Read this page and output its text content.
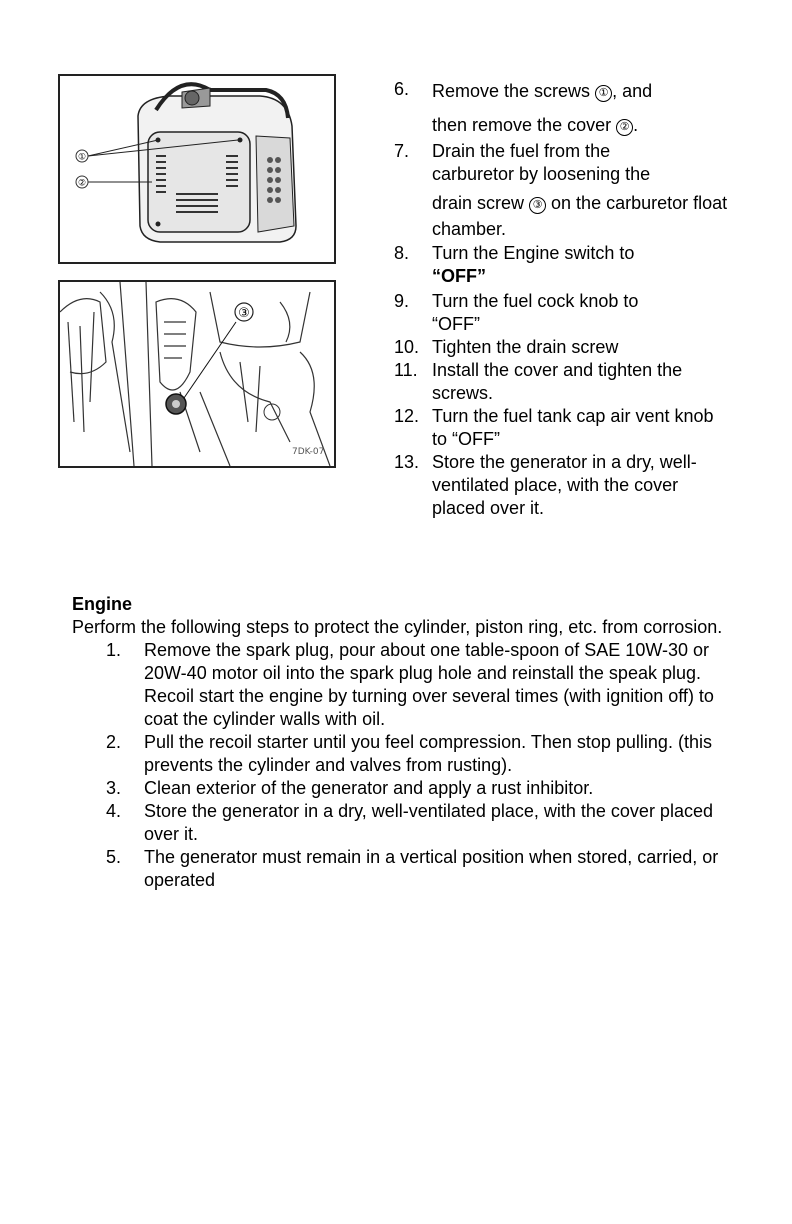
①
②
③
7DK-07
6. Remove the screws ① , and
then remove the cover ② .
7. Drain the fuel from the carburetor by loosening the
drain screw ③ on the carburetor float chamber.
8. Turn the Engine switch to
“OFF”
9. Turn the fuel cock knob to “OFF”
10. Tighten the drain screw
11. Install the cover and tighten the screws.
12. Turn the fuel tank cap air vent knob to “OFF”
13. Store the generator in a dry, well-ventilated place, with the cover placed over it.
Engine

Perform the following steps to protect the cylinder, piston ring, etc. from corrosion.

1. Remove the spark plug, pour about one table-spoon of SAE 10W-30 or 20W-40 motor oil into the spark plug hole and reinstall the speak plug. Recoil start the engine by turning over several times (with ignition off) to coat the cylinder walls with oil.
2. Pull the recoil starter until you feel compression. Then stop pulling. (this prevents the cylinder and valves from rusting).
3. Clean exterior of the generator and apply a rust inhibitor.
4. Store the generator in a dry, well-ventilated place, with the cover placed over it.
5. The generator must remain in a vertical position when stored, carried, or operated
